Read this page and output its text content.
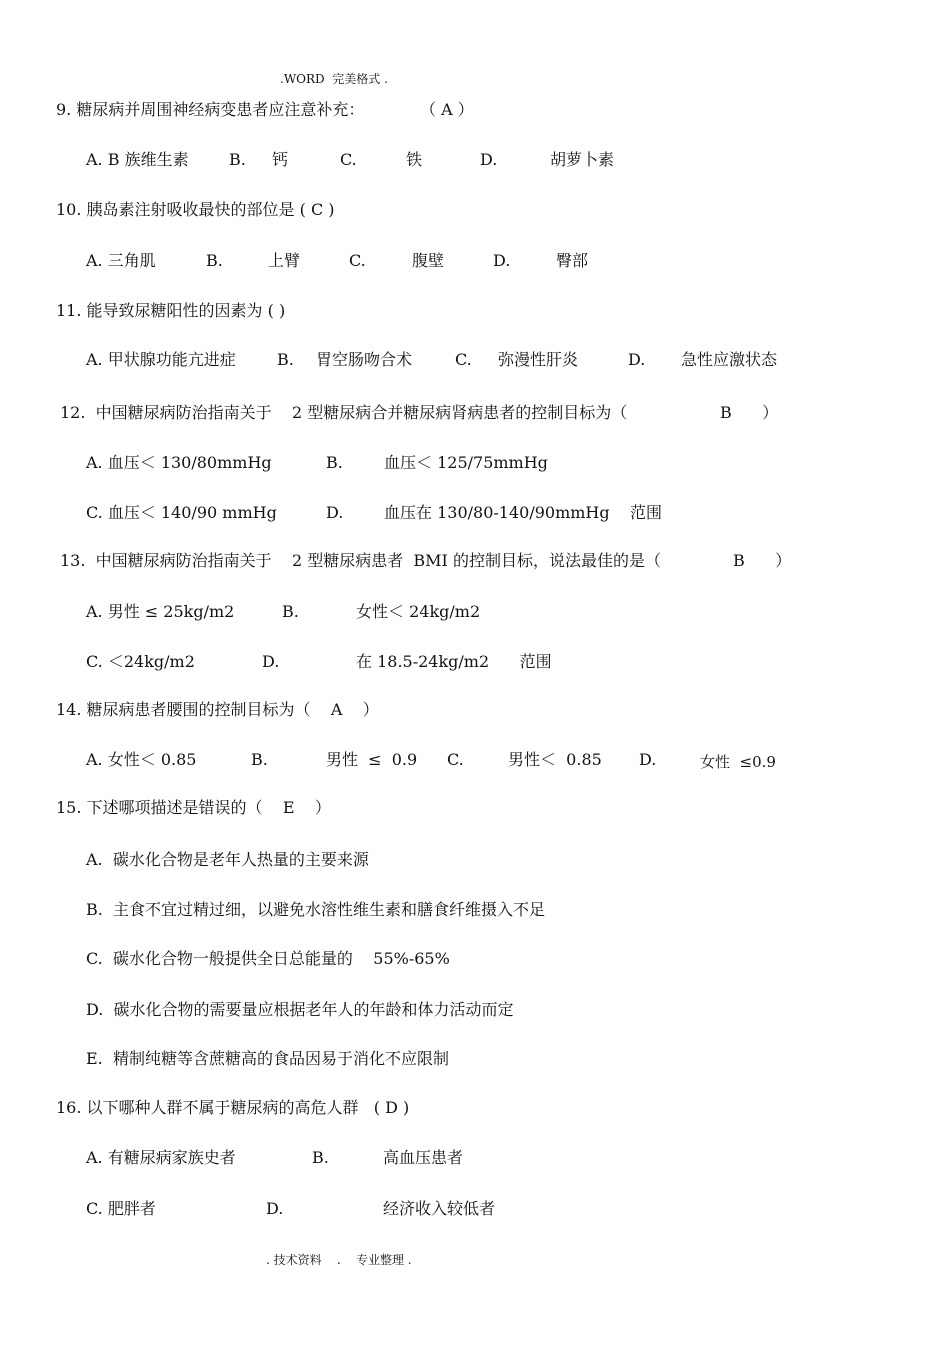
.WORD  完美格式 .
9. 糖尿病并周围神经病变患者应注意补充：	（ A ）
A. B 族维生素	B. 钙	C.	铁	D.	胡萝卜素
10. 胰岛素注射吸收最快的部位是 ( C )
A. 三角肌	B.	上臂	C.	腹壁	D.	臀部
11. 能导致尿糖阳性的因素为 ( )
A. 甲状腺功能亢进症	B. 胃空肠吻合术	C. 弥漫性肝炎	D. 急性应激状态
12.  中国糖尿病防治指南关于    2 型糖尿病合并糖尿病肾病患者的控制目标为（	B      ）
A. 血压＜ 130/80mmHg	B.	血压＜ 125/75mmHg
C. 血压＜ 140/90 mmHg	D.	血压在 130/80-140/90mmHg    范围
13.  中国糖尿病防治指南关于    2 型糖尿病患者  BMI 的控制目标，说法最佳的是（	B      ）
A. 男性 ≤ 25kg/m2	B.	女性＜ 24kg/m2
C. ＜24kg/m2	D.	在 18.5-24kg/m2      范围
14. 糖尿病患者腰围的控制目标为（    A    ）
A. 女性＜ 0.85	B.	男性  ≤  0.9 C.	男性＜  0.85 D.	女性  ≤0.9
15. 下述哪项描述是错误的（    E    ）
A.  碳水化合物是老年人热量的主要来源
B.  主食不宜过精过细，以避免水溶性维生素和膳食纤维摄入不足
C.  碳水化合物一般提供全日总能量的    55%-65%
D.  碳水化合物的需要量应根据老年人的年龄和体力活动而定
E.  精制纯糖等含蔗糖高的食品因易于消化不应限制
16. 以下哪种人群不属于糖尿病的高危人群   ( D )
A. 有糖尿病家族史者	B.	高血压患者
C. 肥胖者	D.	经济收入较低者
. 技术资料    .    专业整理 .
